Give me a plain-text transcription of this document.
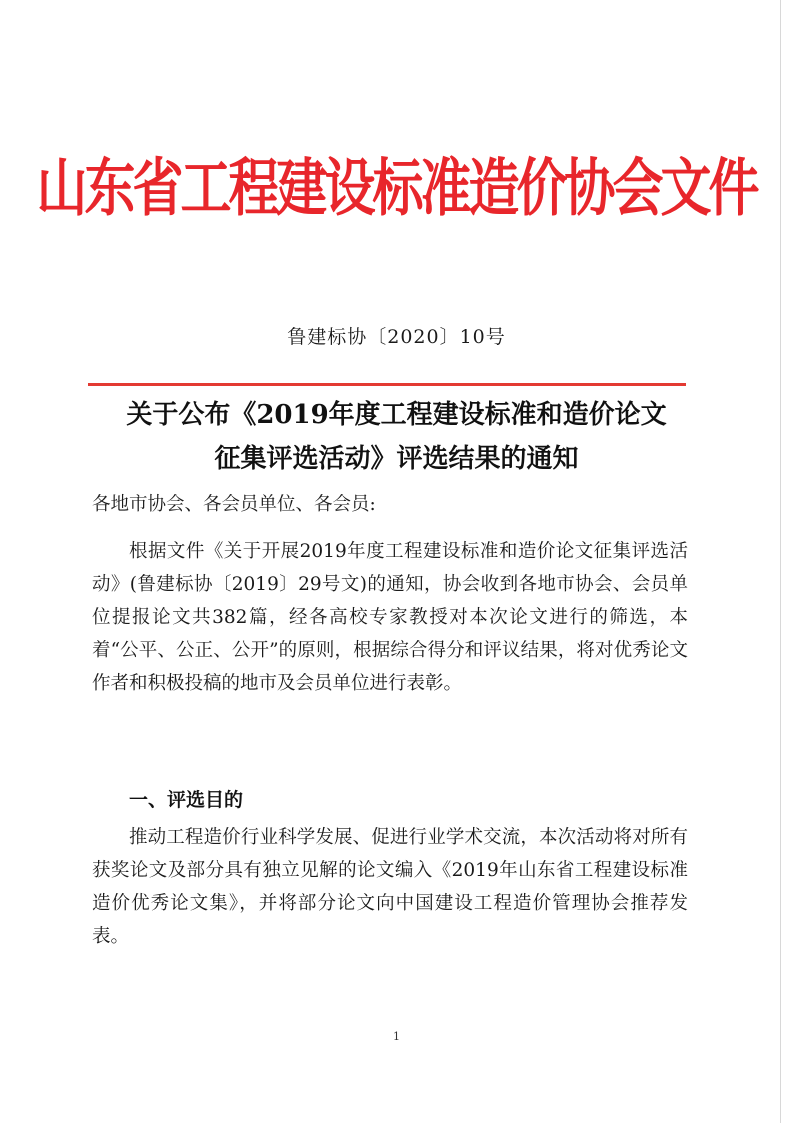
山东省工程建设标准造价协会文件
鲁建标协〔2020〕10号
关于公布《2019年度工程建设标准和造价论文
征集评选活动》评选结果的通知
各地市协会、各会员单位、各会员:
根据文件《关于开展2019年度工程建设标准和造价论文征集评选活动》(鲁建标协〔2019〕29号文)的通知，协会收到各地市协会、会员单位提报论文共382篇，经各高校专家教授对本次论文进行的筛选，本着“公平、公正、公开”的原则，根据综合得分和评议结果，将对优秀论文作者和积极投稿的地市及会员单位进行表彰。
一、评选目的
推动工程造价行业科学发展、促进行业学术交流，本次活动将对所有获奖论文及部分具有独立见解的论文编入《2019年山东省工程建设标准造价优秀论文集》，并将部分论文向中国建设工程造价管理协会推荐发表。
1
